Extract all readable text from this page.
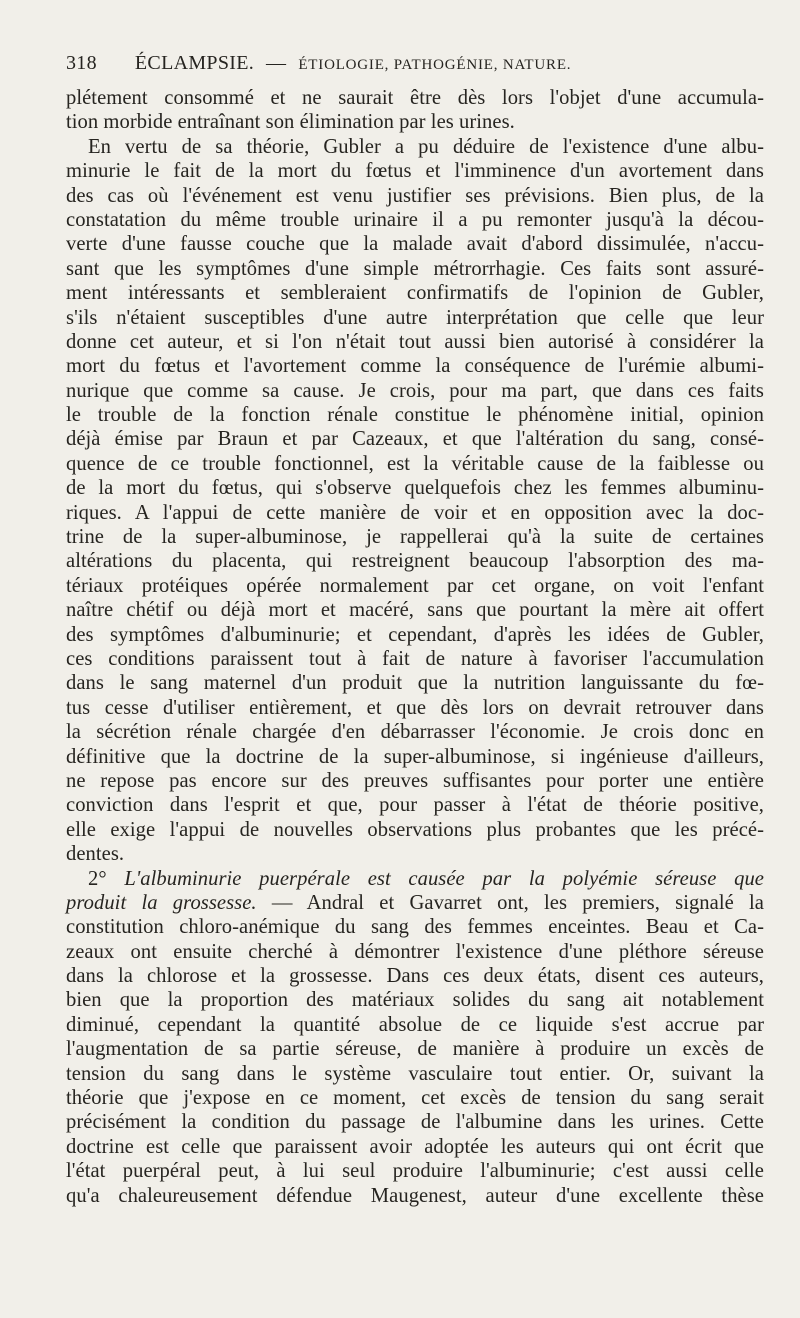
318 ÉCLAMPSIE. — ÉTIOLOGIE, PATHOGÉNIE, NATURE.
plétement consommé et ne saurait être dès lors l'objet d'une accumula-
tion morbide entraînant son élimination par les urines.
En vertu de sa théorie, Gubler a pu déduire de l'existence d'une albu-
minurie le fait de la mort du fœtus et l'imminence d'un avortement dans
des cas où l'événement est venu justifier ses prévisions. Bien plus, de la
constatation du même trouble urinaire il a pu remonter jusqu'à la décou-
verte d'une fausse couche que la malade avait d'abord dissimulée, n'accu-
sant que les symptômes d'une simple métrorrhagie. Ces faits sont assuré-
ment intéressants et sembleraient confirmatifs de l'opinion de Gubler,
s'ils n'étaient susceptibles d'une autre interprétation que celle que leur
donne cet auteur, et si l'on n'était tout aussi bien autorisé à considérer la
mort du fœtus et l'avortement comme la conséquence de l'urémie albumi-
nurique que comme sa cause. Je crois, pour ma part, que dans ces faits
le trouble de la fonction rénale constitue le phénomène initial, opinion
déjà émise par Braun et par Cazeaux, et que l'altération du sang, consé-
quence de ce trouble fonctionnel, est la véritable cause de la faiblesse ou
de la mort du fœtus, qui s'observe quelquefois chez les femmes albuminu-
riques. A l'appui de cette manière de voir et en opposition avec la doc-
trine de la super-albuminose, je rappellerai qu'à la suite de certaines
altérations du placenta, qui restreignent beaucoup l'absorption des ma-
tériaux protéiques opérée normalement par cet organe, on voit l'enfant
naître chétif ou déjà mort et macéré, sans que pourtant la mère ait offert
des symptômes d'albuminurie; et cependant, d'après les idées de Gubler,
ces conditions paraissent tout à fait de nature à favoriser l'accumulation
dans le sang maternel d'un produit que la nutrition languissante du fœ-
tus cesse d'utiliser entièrement, et que dès lors on devrait retrouver dans
la sécrétion rénale chargée d'en débarrasser l'économie. Je crois donc en
définitive que la doctrine de la super-albuminose, si ingénieuse d'ailleurs,
ne repose pas encore sur des preuves suffisantes pour porter une entière
conviction dans l'esprit et que, pour passer à l'état de théorie positive,
elle exige l'appui de nouvelles observations plus probantes que les précé-
dentes.
2° L'albuminurie puerpérale est causée par la polyémie séreuse que
produit la grossesse. — Andral et Gavarret ont, les premiers, signalé la
constitution chloro-anémique du sang des femmes enceintes. Beau et Ca-
zeaux ont ensuite cherché à démontrer l'existence d'une pléthore séreuse
dans la chlorose et la grossesse. Dans ces deux états, disent ces auteurs,
bien que la proportion des matériaux solides du sang ait notablement
diminué, cependant la quantité absolue de ce liquide s'est accrue par
l'augmentation de sa partie séreuse, de manière à produire un excès de
tension du sang dans le système vasculaire tout entier. Or, suivant la
théorie que j'expose en ce moment, cet excès de tension du sang serait
précisément la condition du passage de l'albumine dans les urines. Cette
doctrine est celle que paraissent avoir adoptée les auteurs qui ont écrit que
l'état puerpéral peut, à lui seul produire l'albuminurie; c'est aussi celle
qu'a chaleureusement défendue Maugenest, auteur d'une excellente thèse
